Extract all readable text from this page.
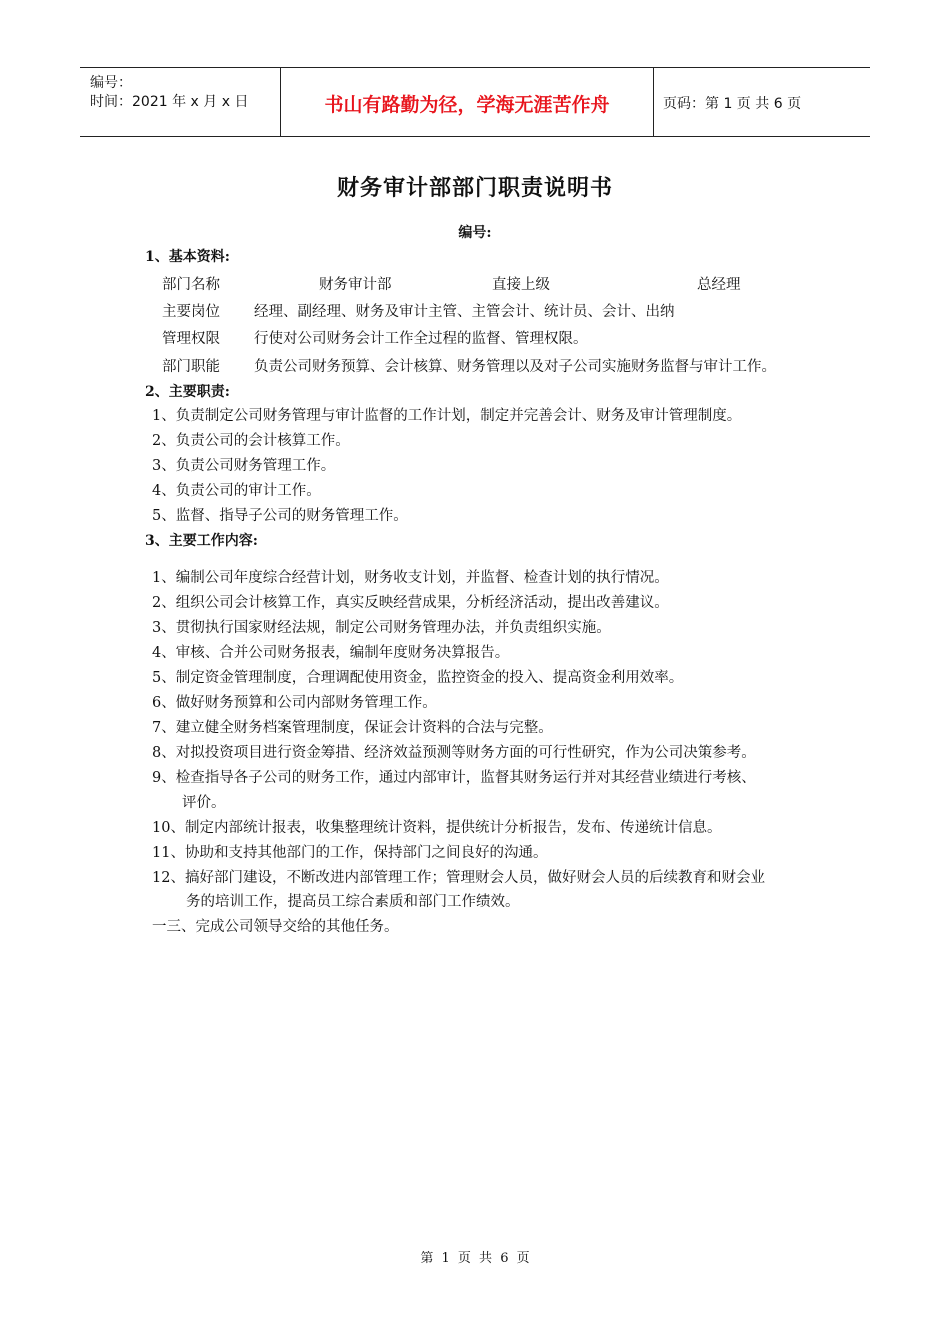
编号：
时间：2021 年 x 月 x 日	书山有路勤为径，学海无涯苦作舟	页码：第 1 页 共 6 页
财务审计部部门职责说明书
编号:
1、基本资料:
部门名称	财务审计部	直接上级	总经理
主要岗位 经理、副经理、财务及审计主管、主管会计、统计员、会计、出纳
管理权限 行使对公司财务会计工作全过程的监督、管理权限。
部门职能 负责公司财务预算、会计核算、财务管理以及对子公司实施财务监督与审计工作。
2、主要职责:
1、负责制定公司财务管理与审计监督的工作计划，制定并完善会计、财务及审计管理制度。
2、负责公司的会计核算工作。
3、负责公司财务管理工作。
4、负责公司的审计工作。
5、监督、指导子公司的财务管理工作。
3、主要工作内容:
1、编制公司年度综合经营计划，财务收支计划，并监督、检查计划的执行情况。
2、组织公司会计核算工作，真实反映经营成果，分析经济活动，提出改善建议。
3、贯彻执行国家财经法规，制定公司财务管理办法，并负责组织实施。
4、审核、合并公司财务报表，编制年度财务决算报告。
5、制定资金管理制度，合理调配使用资金，监控资金的投入、提高资金利用效率。
6、做好财务预算和公司内部财务管理工作。
7、建立健全财务档案管理制度，保证会计资料的合法与完整。
8、对拟投资项目进行资金筹措、经济效益预测等财务方面的可行性研究，作为公司决策参考。
9、检查指导各子公司的财务工作，通过内部审计，监督其财务运行并对其经营业绩进行考核、
评价。
10、制定内部统计报表，收集整理统计资料，提供统计分析报告，发布、传递统计信息。
11、协助和支持其他部门的工作，保持部门之间良好的沟通。
12、搞好部门建设，不断改进内部管理工作；管理财会人员，做好财会人员的后续教育和财会业
务的培训工作，提高员工综合素质和部门工作绩效。
一三、完成公司领导交给的其他任务。
第 1 页 共 6 页
